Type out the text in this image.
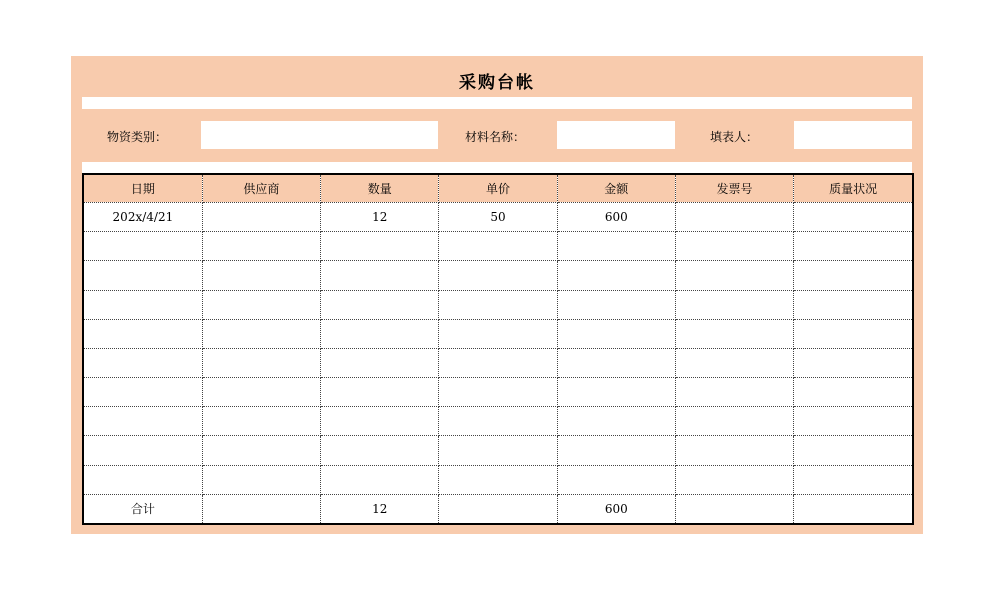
采购台帐
物资类别：	材料名称：	填表人：
日期	供应商	数量	单价	金额	发票号	质量状况
202x/4/21		12	50	600		

合计		12		600		
